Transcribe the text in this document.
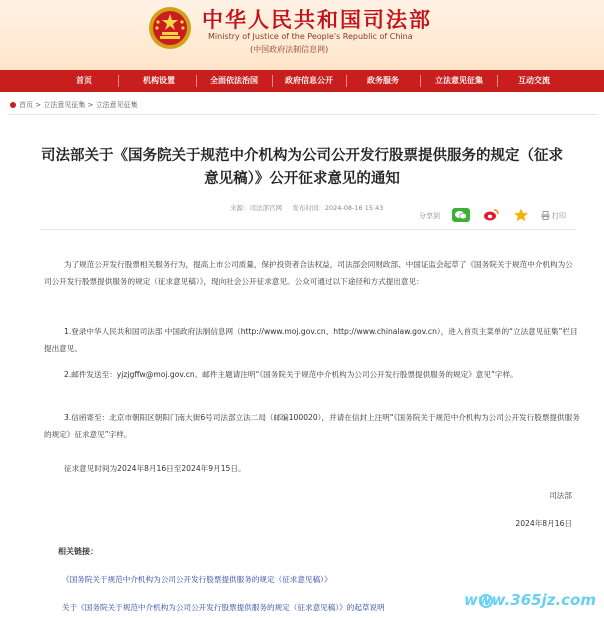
中华人民共和国司法部
Ministry of Justice of the People's Republic of China
(中国政府法制信息网)
首页	机构设置	全面依法治国	政府信息公开	政务服务	立法意见征集	互动交流
首页 > 立法意见征集 > 立法意见征集
司法部关于《国务院关于规范中介机构为公司公开发行股票提供服务的规定（征求意见稿）》公开征求意见的通知
来源：司法部官网 发布时间：2024-08-16 15:43
分享到	打印
为了规范公开发行股票相关服务行为，提高上市公司质量，保护投资者合法权益，司法部会同财政部、中国证监会起草了《国务院关于规范中介机构为公司公开发行股票提供服务的规定（征求意见稿）》，现向社会公开征求意见。公众可通过以下途径和方式提出意见：
1.登录中华人民共和国司法部 中国政府法制信息网（http://www.moj.gov.cn、http://www.chinalaw.gov.cn），进入首页主菜单的“立法意见征集”栏目提出意见。
2.邮件发送至：yjzjgffw@moj.gov.cn。邮件主题请注明“《国务院关于规范中介机构为公司公开发行股票提供服务的规定》意见”字样。
3.信函寄至：北京市朝阳区朝阳门南大街6号司法部立法二局（邮编100020），并请在信封上注明“《国务院关于规范中介机构为公司公开发行股票提供服务的规定》征求意见”字样。
征求意见时间为2024年8月16日至2024年9月15日。
司法部
2024年8月16日
相关链接：
《国务院关于规范中介机构为公司公开发行股票提供服务的规定（征求意见稿）》
关于《国务院关于规范中介机构为公司公开发行股票提供服务的规定（征求意见稿）》的起草说明	www.365jz.com
